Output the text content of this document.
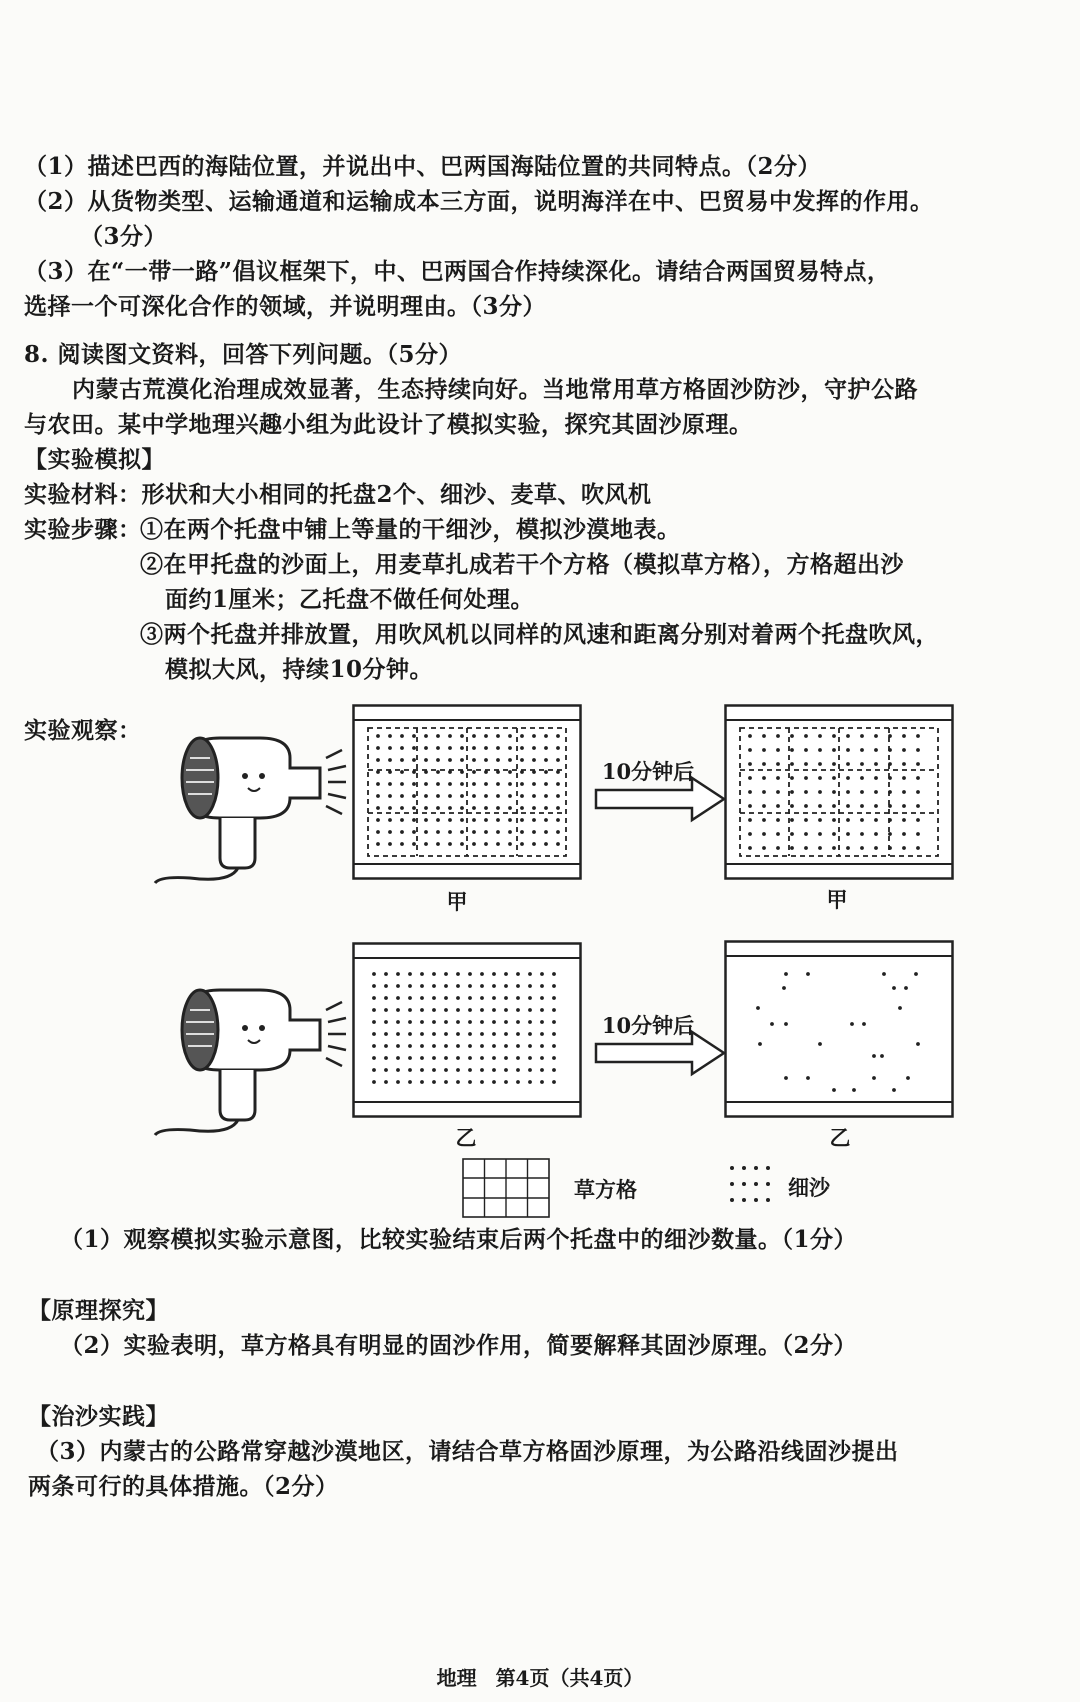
（1）描述巴西的海陆位置，并说出中、巴两国海陆位置的共同特点。（2分）
（2）从货物类型、运输通道和运输成本三方面，说明海洋在中、巴贸易中发挥的作用。
（3分）
（3）在“一带一路”倡议框架下，中、巴两国合作持续深化。请结合两国贸易特点，
选择一个可深化合作的领域，并说明理由。（3分）
8. 阅读图文资料，回答下列问题。（5分）
内蒙古荒漠化治理成效显著，生态持续向好。当地常用草方格固沙防沙，守护公路
与农田。某中学地理兴趣小组为此设计了模拟实验，探究其固沙原理。
【实验模拟】
实验材料：形状和大小相同的托盘2个、细沙、麦草、吹风机
实验步骤：
①在两个托盘中铺上等量的干细沙，模拟沙漠地表。
②在甲托盘的沙面上，用麦草扎成若干个方格（模拟草方格），方格超出沙
面约1厘米；乙托盘不做任何处理。
③两个托盘并排放置，用吹风机以同样的风速和距离分别对着两个托盘吹风，
模拟大风，持续10分钟。
实验观察：
10分钟后
甲	甲
10分钟后
乙	乙
草方格	细沙
（1）观察模拟实验示意图，比较实验结束后两个托盘中的细沙数量。（1分）
【原理探究】
（2）实验表明，草方格具有明显的固沙作用，简要解释其固沙原理。（2分）
【治沙实践】
（3）内蒙古的公路常穿越沙漠地区，请结合草方格固沙原理，为公路沿线固沙提出
两条可行的具体措施。（2分）
地理 第4页（共4页）
